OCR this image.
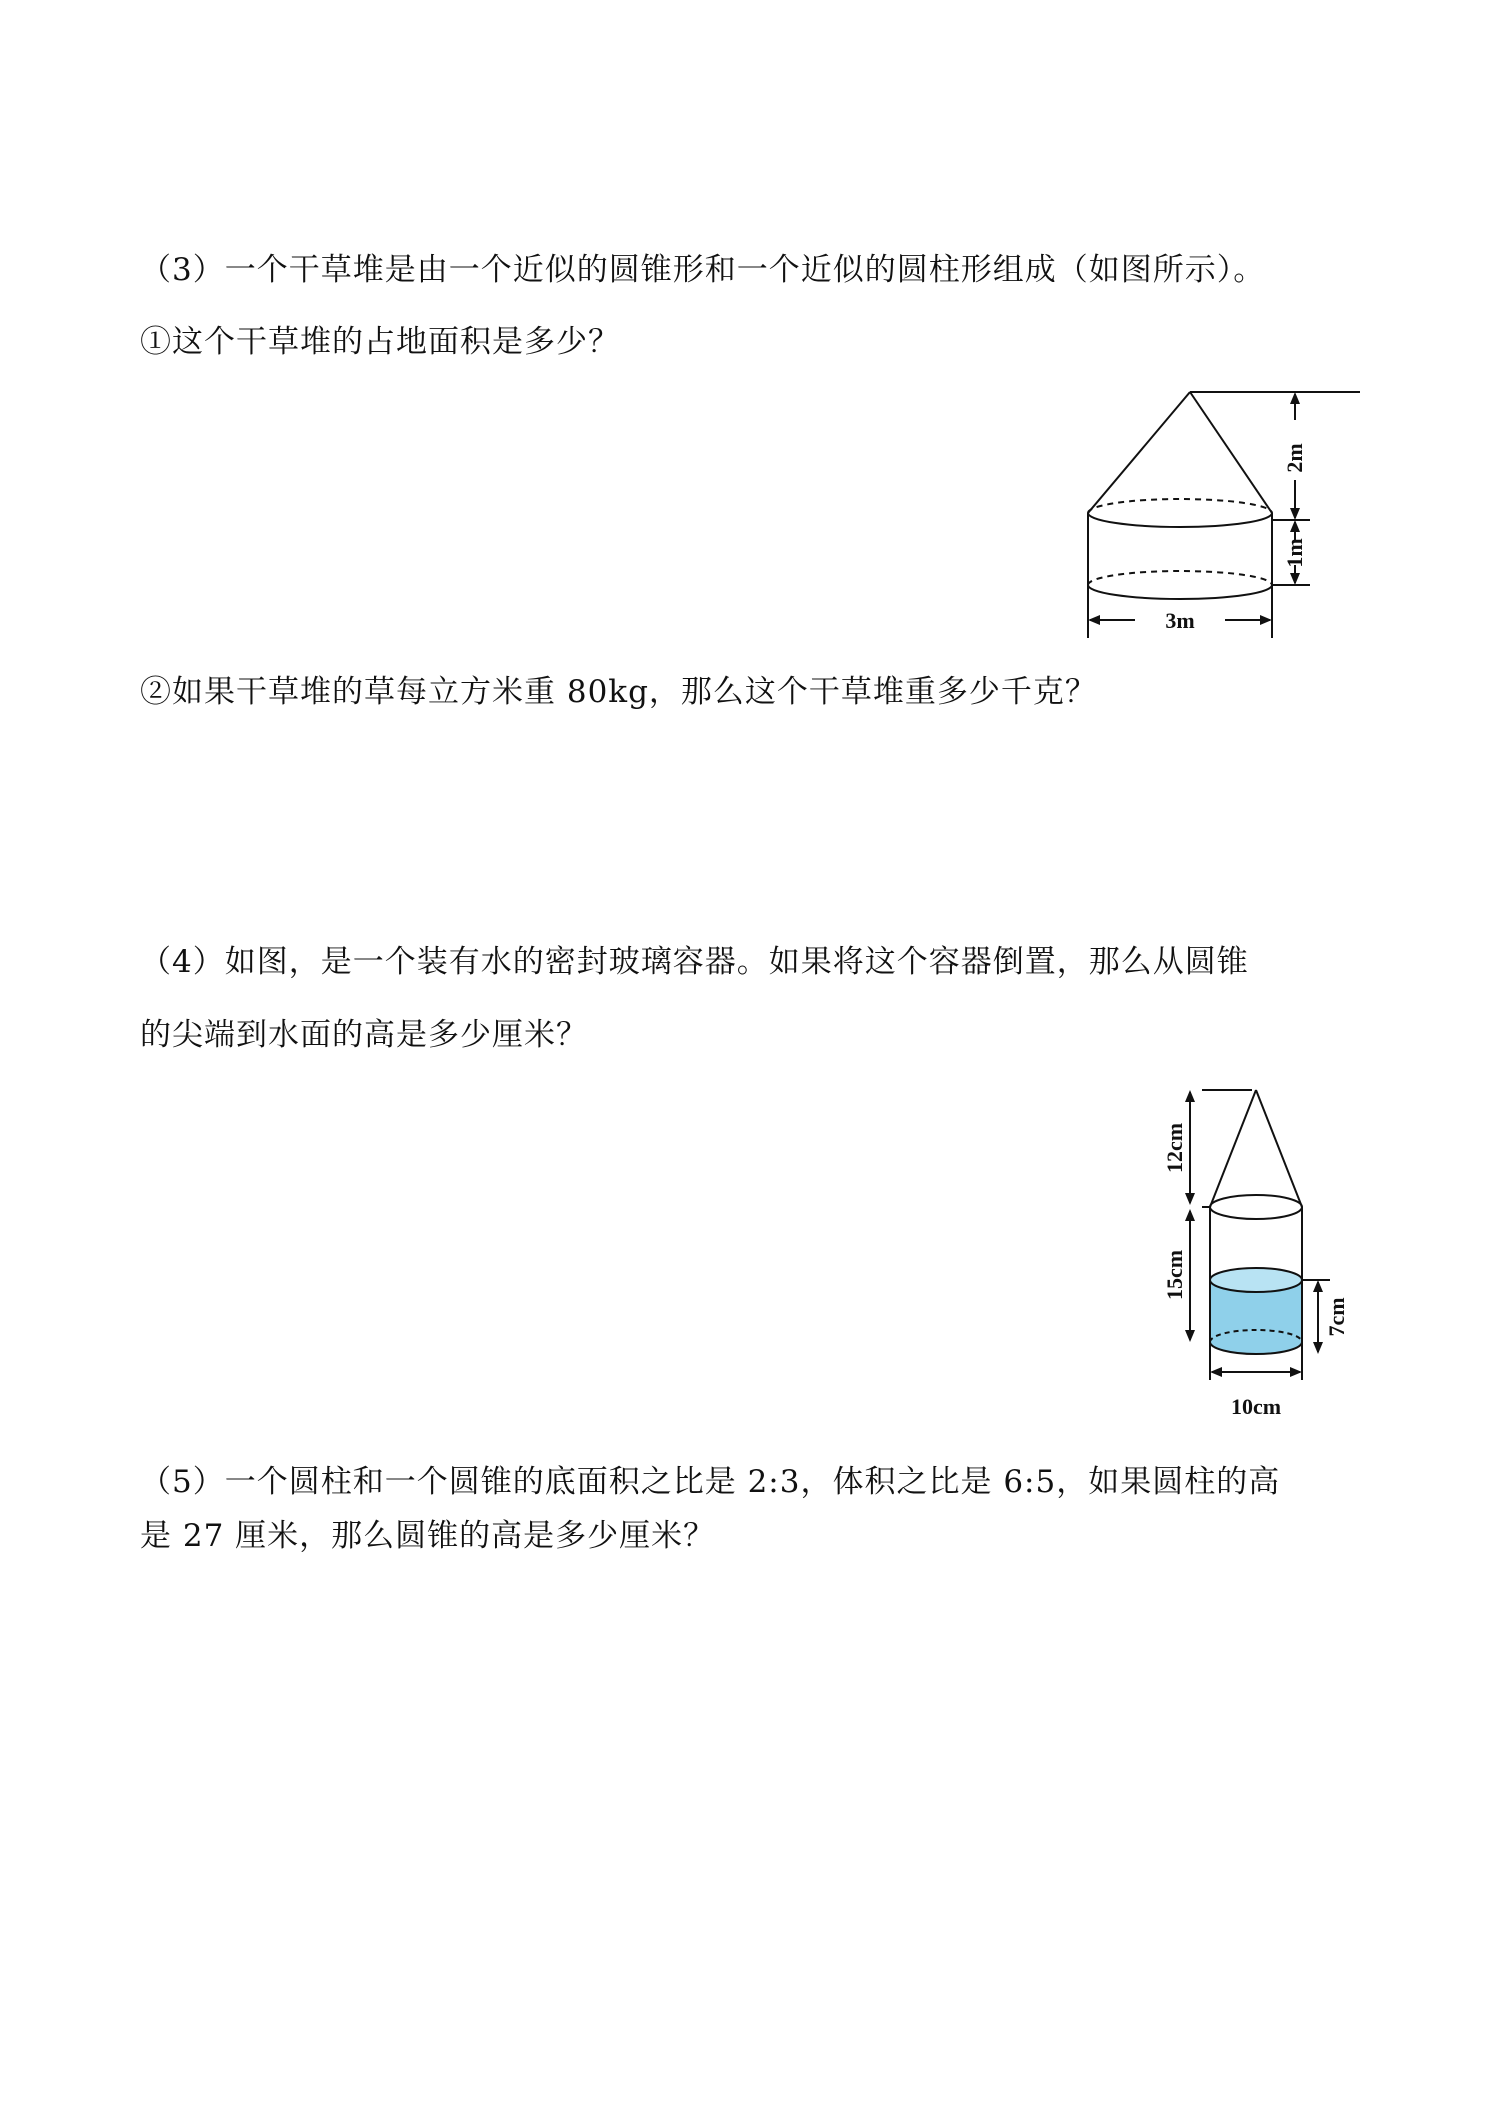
（3）一个干草堆是由一个近似的圆锥形和一个近似的圆柱形组成（如图所示）。
①这个干草堆的占地面积是多少？
2m
1m
3m
②如果干草堆的草每立方米重 80kg，那么这个干草堆重多少千克？
（4）如图，是一个装有水的密封玻璃容器。如果将这个容器倒置，那么从圆锥
的尖端到水面的高是多少厘米？
12cm
15cm
7cm
10cm
（5）一个圆柱和一个圆锥的底面积之比是 2:3，体积之比是 6:5，如果圆柱的高
是 27 厘米，那么圆锥的高是多少厘米？
